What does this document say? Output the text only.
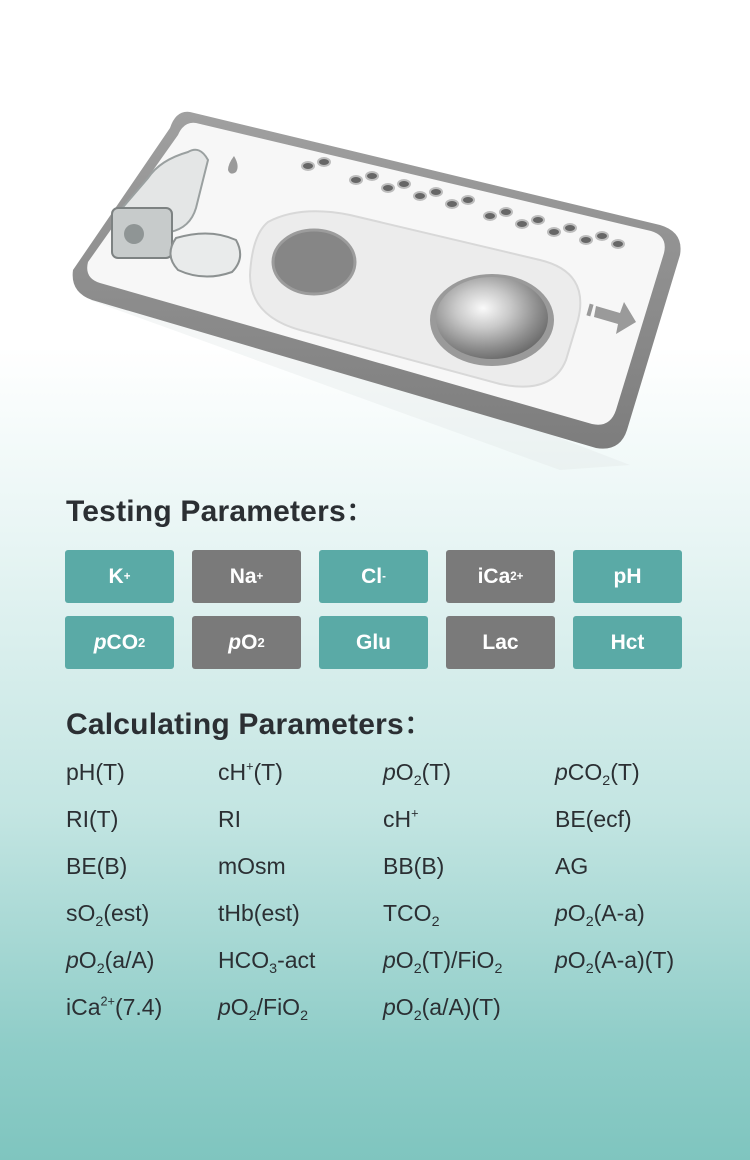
Testing Parameters：
K +	Na +	Cl -	iCa 2+	pH
p CO 2	p O 2	Glu	Lac	Hct
Calculating Parameters：
pH(T)	cH+(T)	$pO_2(T)$	pCO$_2$(T)
RI(T)	RI	cH+	BE(ecf)
BE(B)	mOsm	BB(B)	AG
$sO_2(est)$	tHb(est)	$TCO_2$	$pO_2(A-a)$
$pO_2(a/A)$	$HCO_3$-act	$pO_2(T)/FiO_2$	$pO_2(A-a)(T)$
iCa$^{2+}$(7.4)	$pO_2/FiO_2$	$pO_2(a/A)(T)$
